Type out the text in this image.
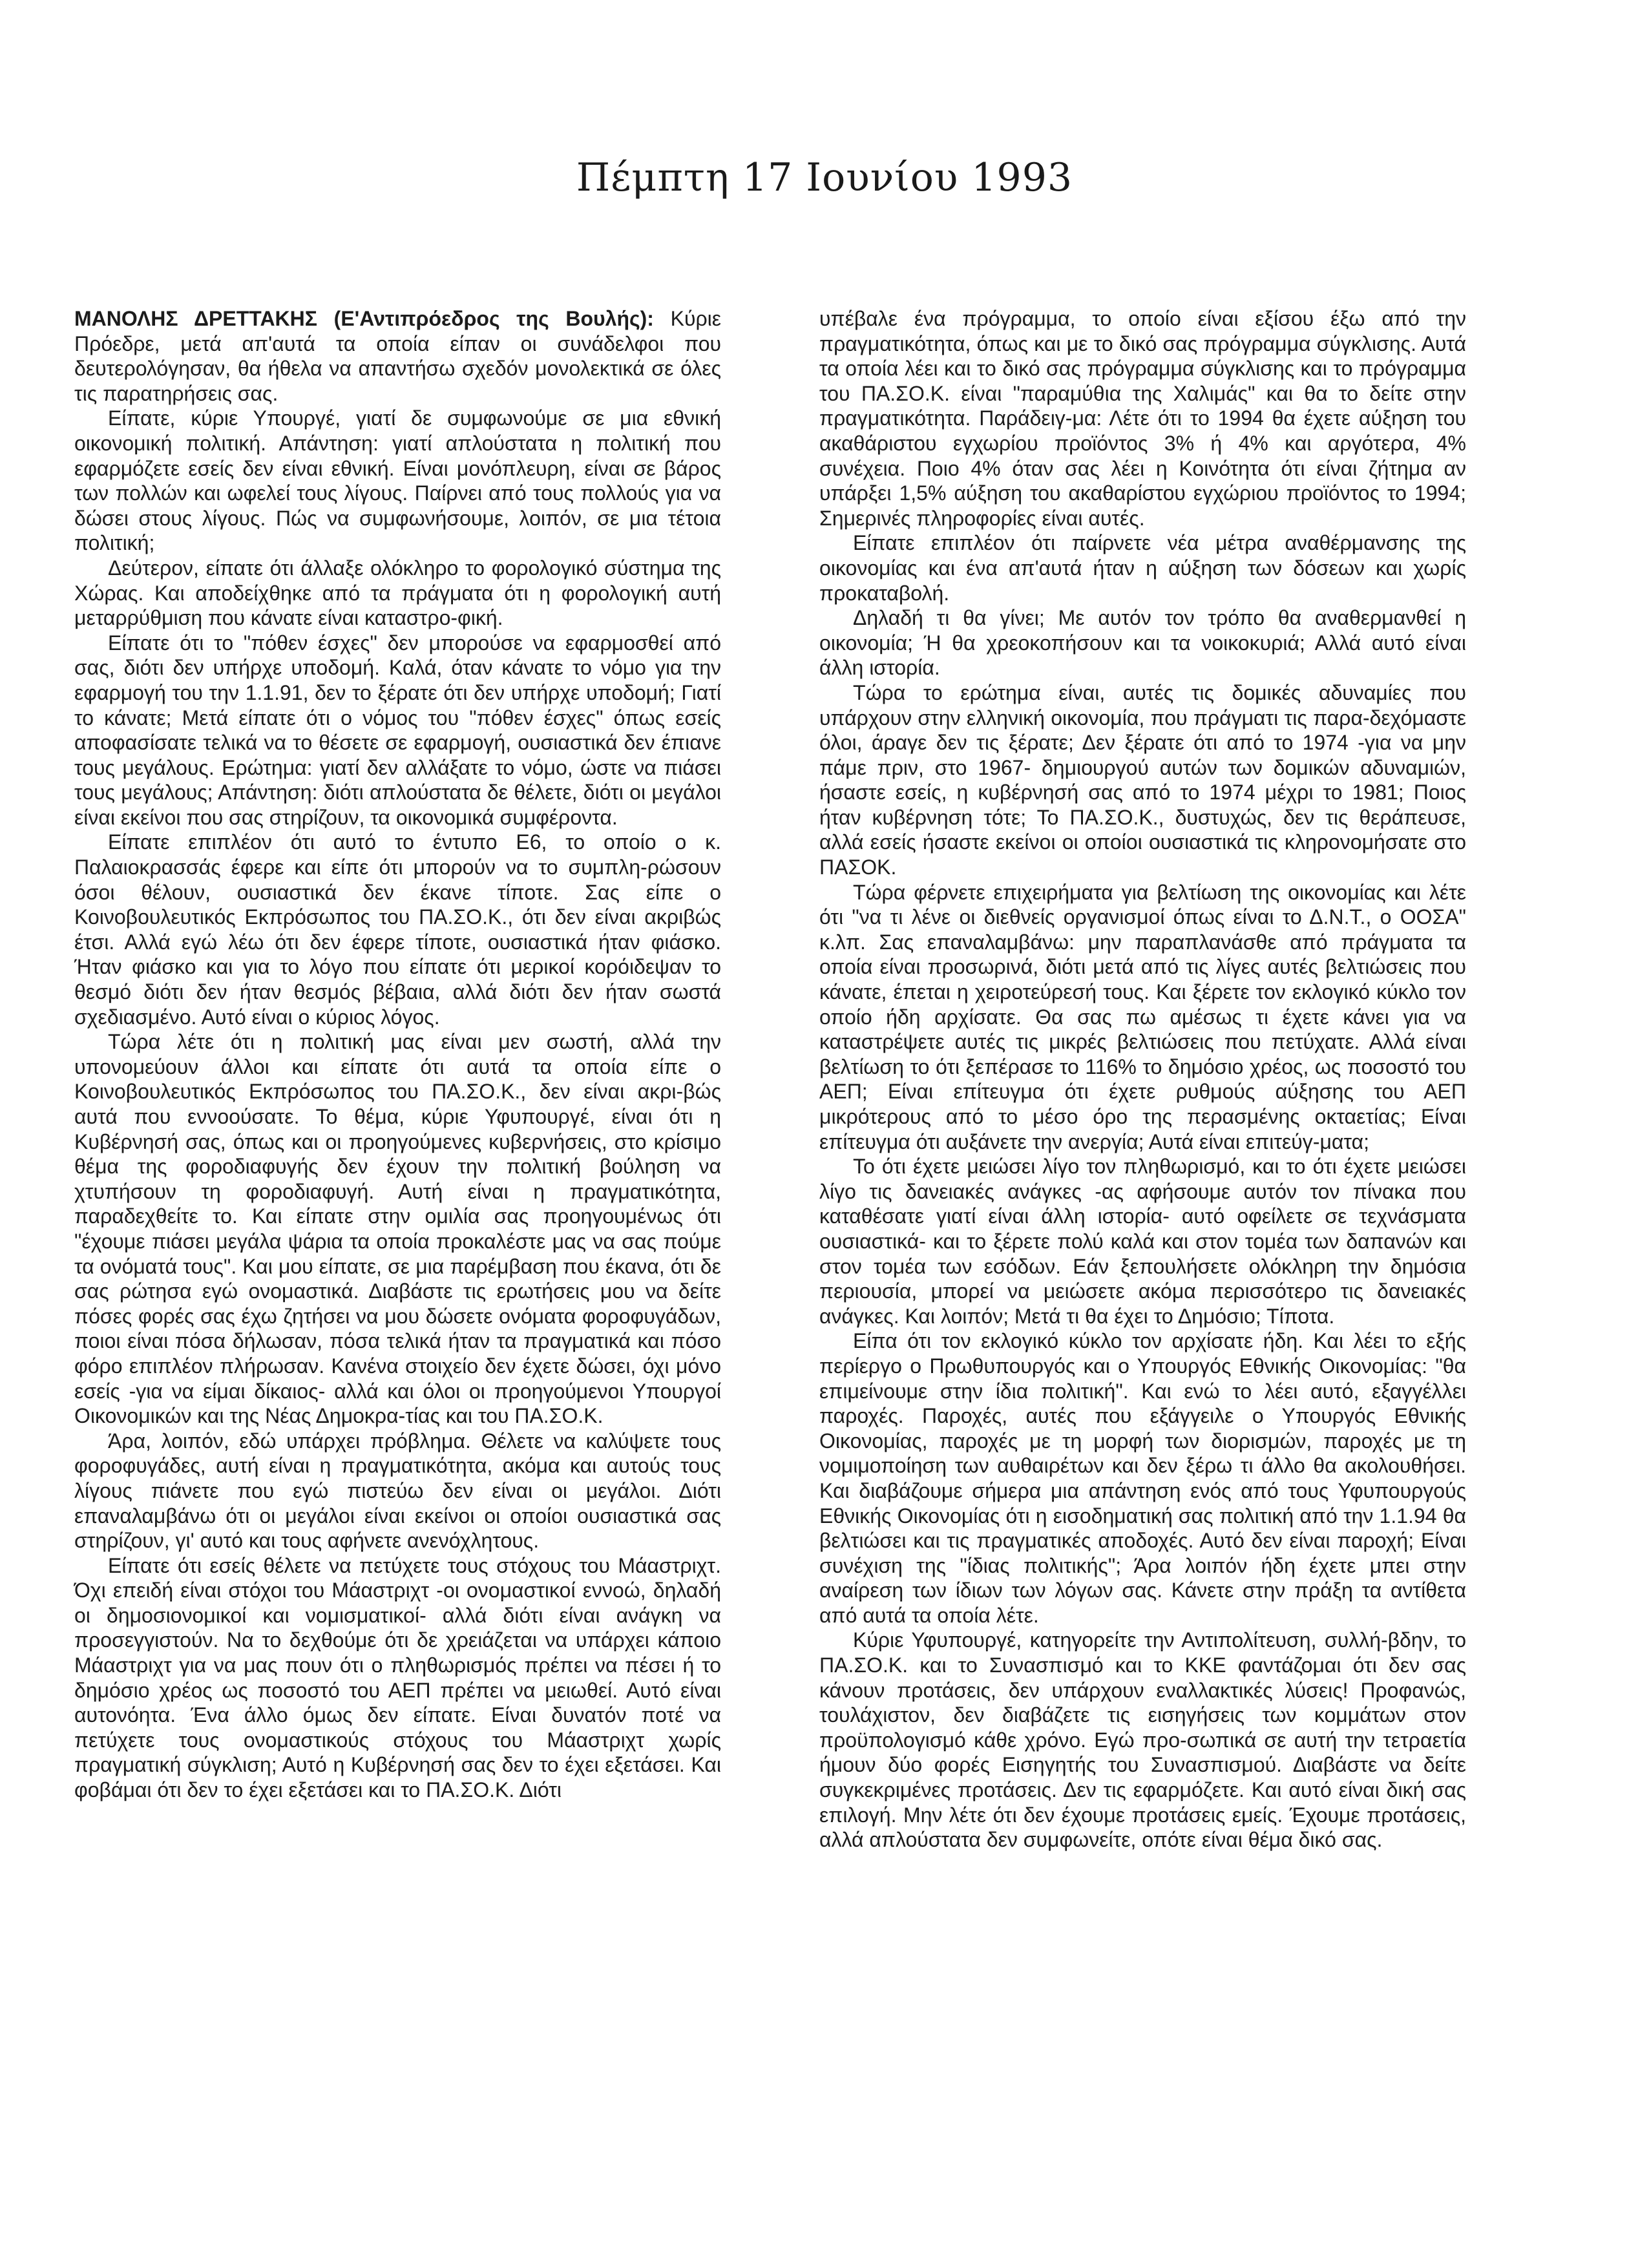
Πέμπτη 17 Ιουνίου 1993

ΜΑΝΟΛΗΣ ΔΡΕΤΤΑΚΗΣ (Ε'Αντιπρόεδρος της Βουλής): Κύριε Πρόεδρε, μετά απ'αυτά τα οποία είπαν οι συνάδελφοι που δευτερολόγησαν, θα ήθελα να απαντήσω σχεδόν μονολεκτικά σε όλες τις παρατηρήσεις σας.

Είπατε, κύριε Υπουργέ, γιατί δε συμφωνούμε σε μια εθνική οικονομική πολιτική. Απάντηση: γιατί απλούστατα η πολιτική που εφαρμόζετε εσείς δεν είναι εθνική. Είναι μονόπλευρη, είναι σε βάρος των πολλών και ωφελεί τους λίγους. Παίρνει από τους πολλούς για να δώσει στους λίγους. Πώς να συμφωνήσουμε, λοιπόν, σε μια τέτοια πολιτική;

Δεύτερον, είπατε ότι άλλαξε ολόκληρο το φορολογικό σύστημα της Χώρας. Και αποδείχθηκε από τα πράγματα ότι η φορολογική αυτή μεταρρύθμιση που κάνατε είναι καταστρο-φική.

Είπατε ότι το "πόθεν έσχες" δεν μπορούσε να εφαρμοσθεί από σας, διότι δεν υπήρχε υποδομή. Καλά, όταν κάνατε το νόμο για την εφαρμογή του την 1.1.91, δεν το ξέρατε ότι δεν υπήρχε υποδομή; Γιατί το κάνατε; Μετά είπατε ότι ο νόμος του "πόθεν έσχες" όπως εσείς αποφασίσατε τελικά να το θέσετε σε εφαρμογή, ουσιαστικά δεν έπιανε τους μεγάλους. Ερώτημα: γιατί δεν αλλάξατε το νόμο, ώστε να πιάσει τους μεγάλους; Απάντηση: διότι απλούστατα δε θέλετε, διότι οι μεγάλοι είναι εκείνοι που σας στηρίζουν, τα οικονομικά συμφέροντα.

Είπατε επιπλέον ότι αυτό το έντυπο Ε6, το οποίο ο κ. Παλαιοκρασσάς έφερε και είπε ότι μπορούν να το συμπλη-ρώσουν όσοι θέλουν, ουσιαστικά δεν έκανε τίποτε. Σας είπε ο Κοινοβουλευτικός Εκπρόσωπος του ΠΑ.ΣΟ.Κ., ότι δεν είναι ακριβώς έτσι. Αλλά εγώ λέω ότι δεν έφερε τίποτε, ουσιαστικά ήταν φιάσκο. Ήταν φιάσκο και για το λόγο που είπατε ότι μερικοί κορόιδεψαν το θεσμό διότι δεν ήταν θεσμός βέβαια, αλλά διότι δεν ήταν σωστά σχεδιασμένο. Αυτό είναι ο κύριος λόγος.

Τώρα λέτε ότι η πολιτική μας είναι μεν σωστή, αλλά την υπονομεύουν άλλοι και είπατε ότι αυτά τα οποία είπε ο Κοινοβουλευτικός Εκπρόσωπος του ΠΑ.ΣΟ.Κ., δεν είναι ακρι-βώς αυτά που εννοούσατε. Το θέμα, κύριε Υφυπουργέ, είναι ότι η Κυβέρνησή σας, όπως και οι προηγούμενες κυβερνήσεις, στο κρίσιμο θέμα της φοροδιαφυγής δεν έχουν την πολιτική βούληση να χτυπήσουν τη φοροδιαφυγή. Αυτή είναι η πραγματικότητα, παραδεχθείτε το. Και είπατε στην ομιλία σας προηγουμένως ότι "έχουμε πιάσει μεγάλα ψάρια τα οποία προκαλέστε μας να σας πούμε τα ονόματά τους". Και μου είπατε, σε μια παρέμβαση που έκανα, ότι δε σας ρώτησα εγώ ονομαστικά. Διαβάστε τις ερωτήσεις μου να δείτε πόσες φορές σας έχω ζητήσει να μου δώσετε ονόματα φοροφυγάδων, ποιοι είναι πόσα δήλωσαν, πόσα τελικά ήταν τα πραγματικά και πόσο φόρο επιπλέον πλήρωσαν. Κανένα στοιχείο δεν έχετε δώσει, όχι μόνο εσείς -για να είμαι δίκαιος- αλλά και όλοι οι προηγούμενοι Υπουργοί Οικονομικών και της Νέας Δημοκρα-τίας και του ΠΑ.ΣΟ.Κ.

Άρα, λοιπόν, εδώ υπάρχει πρόβλημα. Θέλετε να καλύψετε τους φοροφυγάδες, αυτή είναι η πραγματικότητα, ακόμα και αυτούς τους λίγους πιάνετε που εγώ πιστεύω δεν είναι οι μεγάλοι. Διότι επαναλαμβάνω ότι οι μεγάλοι είναι εκείνοι οι οποίοι ουσιαστικά σας στηρίζουν, γι' αυτό και τους αφήνετε ανενόχλητους.

Είπατε ότι εσείς θέλετε να πετύχετε τους στόχους του Μάαστριχτ. Όχι επειδή είναι στόχοι του Μάαστριχτ -οι ονομαστικοί εννοώ, δηλαδή οι δημοσιονομικοί και νομισματικοί- αλλά διότι είναι ανάγκη να προσεγγιστούν. Να το δεχθούμε ότι δε χρειάζεται να υπάρχει κάποιο Μάαστριχτ για να μας πουν ότι ο πληθωρισμός πρέπει να πέσει ή το δημόσιο χρέος ως ποσοστό του ΑΕΠ πρέπει να μειωθεί. Αυτό είναι αυτονόητα. Ένα άλλο όμως δεν είπατε. Είναι δυνατόν ποτέ να πετύχετε τους ονομαστικούς στόχους του Μάαστριχτ χωρίς πραγματική σύγκλιση; Αυτό η Κυβέρνησή σας δεν το έχει εξετάσει. Και φοβάμαι ότι δεν το έχει εξετάσει και το ΠΑ.ΣΟ.Κ. Διότι

υπέβαλε ένα πρόγραμμα, το οποίο είναι εξίσου έξω από την πραγματικότητα, όπως και με το δικό σας πρόγραμμα σύγκλισης. Αυτά τα οποία λέει και το δικό σας πρόγραμμα σύγκλισης και το πρόγραμμα του ΠΑ.ΣΟ.Κ. είναι "παραμύθια της Χαλιμάς" και θα το δείτε στην πραγματικότητα. Παράδειγ-μα: Λέτε ότι το 1994 θα έχετε αύξηση του ακαθάριστου εγχωρίου προϊόντος 3% ή 4% και αργότερα, 4% συνέχεια. Ποιο 4% όταν σας λέει η Κοινότητα ότι είναι ζήτημα αν υπάρξει 1,5% αύξηση του ακαθαρίστου εγχώριου προϊόντος το 1994; Σημερινές πληροφορίες είναι αυτές.

Είπατε επιπλέον ότι παίρνετε νέα μέτρα αναθέρμανσης της οικονομίας και ένα απ'αυτά ήταν η αύξηση των δόσεων και χωρίς προκαταβολή.

Δηλαδή τι θα γίνει; Με αυτόν τον τρόπο θα αναθερμανθεί η οικονομία; Ή θα χρεοκοπήσουν και τα νοικοκυριά; Αλλά αυτό είναι άλλη ιστορία.

Τώρα το ερώτημα είναι, αυτές τις δομικές αδυναμίες που υπάρχουν στην ελληνική οικονομία, που πράγματι τις παρα-δεχόμαστε όλοι, άραγε δεν τις ξέρατε; Δεν ξέρατε ότι από το 1974 -για να μην πάμε πριν, στο 1967- δημιουργού αυτών των δομικών αδυναμιών, ήσαστε εσείς, η κυβέρνησή σας από το 1974 μέχρι το 1981; Ποιος ήταν κυβέρνηση τότε; Το ΠΑ.ΣΟ.Κ., δυστυχώς, δεν τις θεράπευσε, αλλά εσείς ήσαστε εκείνοι οι οποίοι ουσιαστικά τις κληρονομήσατε στο ΠΑΣΟΚ.

Τώρα φέρνετε επιχειρήματα για βελτίωση της οικονομίας και λέτε ότι "να τι λένε οι διεθνείς οργανισμοί όπως είναι το Δ.Ν.Τ., ο ΟΟΣΑ" κ.λπ. Σας επαναλαμβάνω: μην παραπλανάσθε από πράγματα τα οποία είναι προσωρινά, διότι μετά από τις λίγες αυτές βελτιώσεις που κάνατε, έπεται η χειροτεύρεσή τους. Και ξέρετε τον εκλογικό κύκλο τον οποίο ήδη αρχίσατε. Θα σας πω αμέσως τι έχετε κάνει για να καταστρέψετε αυτές τις μικρές βελτιώσεις που πετύχατε. Αλλά είναι βελτίωση το ότι ξεπέρασε το 116% το δημόσιο χρέος, ως ποσοστό του ΑΕΠ; Είναι επίτευγμα ότι έχετε ρυθμούς αύξησης του ΑΕΠ μικρότερους από το μέσο όρο της περασμένης οκταετίας; Είναι επίτευγμα ότι αυξάνετε την ανεργία; Αυτά είναι επιτεύγ-ματα;

Το ότι έχετε μειώσει λίγο τον πληθωρισμό, και το ότι έχετε μειώσει λίγο τις δανειακές ανάγκες -ας αφήσουμε αυτόν τον πίνακα που καταθέσατε γιατί είναι άλλη ιστορία- αυτό οφείλετε σε τεχνάσματα ουσιαστικά- και το ξέρετε πολύ καλά και στον τομέα των δαπανών και στον τομέα των εσόδων. Εάν ξεπουλήσετε ολόκληρη την δημόσια περιουσία, μπορεί να μειώσετε ακόμα περισσότερο τις δανειακές ανάγκες. Και λοιπόν; Μετά τι θα έχει το Δημόσιο; Τίποτα.

Είπα ότι τον εκλογικό κύκλο τον αρχίσατε ήδη. Και λέει το εξής περίεργο ο Πρωθυπουργός και ο Υπουργός Εθνικής Οικονομίας: "θα επιμείνουμε στην ίδια πολιτική". Και ενώ το λέει αυτό, εξαγγέλλει παροχές. Παροχές, αυτές που εξάγγειλε ο Υπουργός Εθνικής Οικονομίας, παροχές με τη μορφή των διορισμών, παροχές με τη νομιμοποίηση των αυθαιρέτων και δεν ξέρω τι άλλο θα ακολουθήσει. Και διαβάζουμε σήμερα μια απάντηση ενός από τους Υφυπουργούς Εθνικής Οικονομίας ότι η εισοδηματική σας πολιτική από την 1.1.94 θα βελτιώσει και τις πραγματικές αποδοχές. Αυτό δεν είναι παροχή; Είναι συνέχιση της "ίδιας πολιτικής"; Άρα λοιπόν ήδη έχετε μπει στην αναίρεση των ίδιων των λόγων σας. Κάνετε στην πράξη τα αντίθετα από αυτά τα οποία λέτε.

Κύριε Υφυπουργέ, κατηγορείτε την Αντιπολίτευση, συλλή-βδην, το ΠΑ.ΣΟ.Κ. και το Συνασπισμό και το ΚΚΕ φαντάζομαι ότι δεν σας κάνουν προτάσεις, δεν υπάρχουν εναλλακτικές λύσεις! Προφανώς, τουλάχιστον, δεν διαβάζετε τις εισηγήσεις των κομμάτων στον προϋπολογισμό κάθε χρόνο. Εγώ προ-σωπικά σε αυτή την τετραετία ήμουν δύο φορές Εισηγητής του Συνασπισμού. Διαβάστε να δείτε συγκεκριμένες προτάσεις. Δεν τις εφαρμόζετε. Και αυτό είναι δική σας επιλογή. Μην λέτε ότι δεν έχουμε προτάσεις εμείς. Έχουμε προτάσεις, αλλά απλούστατα δεν συμφωνείτε, οπότε είναι θέμα δικό σας.
